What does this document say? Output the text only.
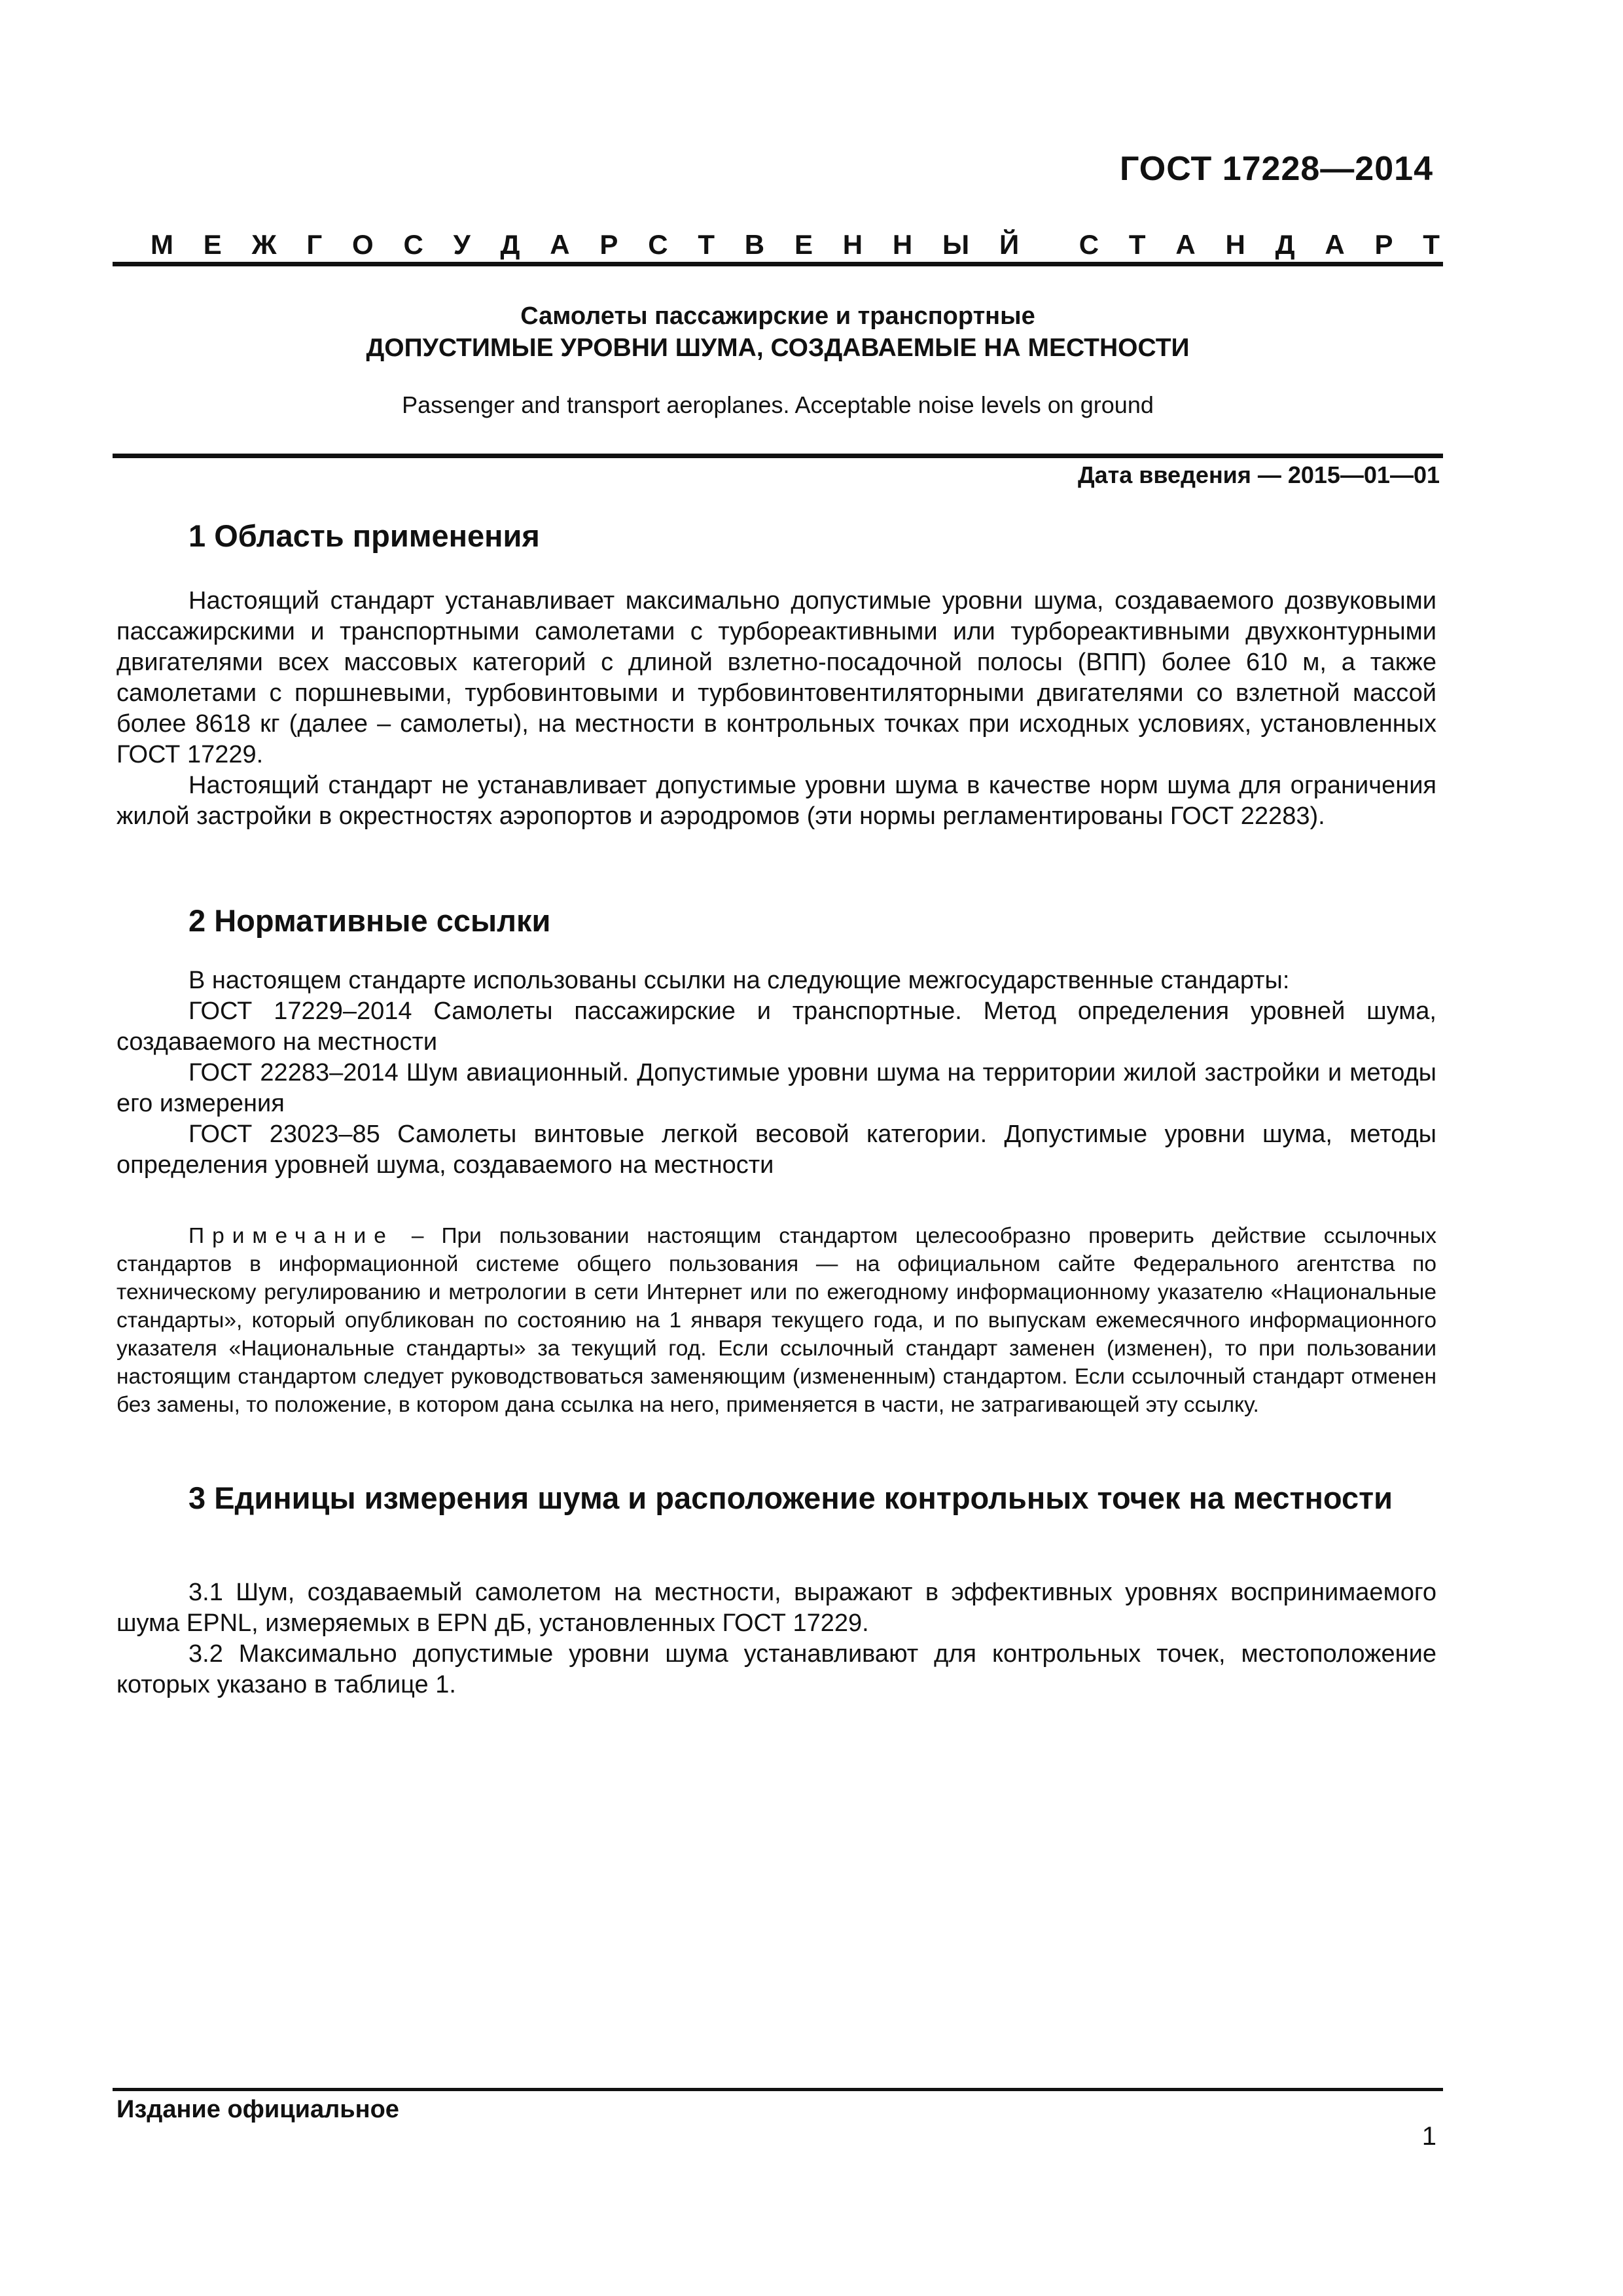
ГОСТ 17228—2014
М Е Ж Г О С У Д А Р С Т В Е Н Н Ы Й С Т А Н Д А Р Т
Самолеты пассажирские и транспортные
ДОПУСТИМЫЕ УРОВНИ ШУМА, СОЗДАВАЕМЫЕ НА МЕСТНОСТИ
Passenger and transport aeroplanes. Acceptable noise levels on ground
Дата введения — 2015—01—01
1 Область применения

Настоящий стандарт устанавливает максимально допустимые уровни шума, создаваемого дозвуковыми пассажирскими и транспортными самолетами с турбореактивными или турбореактивными двухконтурными двигателями всех массовых категорий с длиной взлетно-посадочной полосы (ВПП) более 610 м, а также самолетами с поршневыми, турбовинтовыми и турбовинтовентиляторными двигателями со взлетной массой более 8618 кг (далее – самолеты), на местности в контрольных точках при исходных условиях, установленных ГОСТ 17229.

Настоящий стандарт не устанавливает допустимые уровни шума в качестве норм шума для ограничения жилой застройки в окрестностях аэропортов и аэродромов (эти нормы регламентированы ГОСТ 22283).

2 Нормативные ссылки

В настоящем стандарте использованы ссылки на следующие межгосударственные стандарты:

ГОСТ 17229–2014 Самолеты пассажирские и транспортные. Метод определения уровней шума, создаваемого на местности

ГОСТ 22283–2014 Шум авиационный. Допустимые уровни шума на территории жилой застройки и методы его измерения

ГОСТ 23023–85 Самолеты винтовые легкой весовой категории. Допустимые уровни шума, методы определения уровней шума, создаваемого на местности

Примечание – При пользовании настоящим стандартом целесообразно проверить действие ссылочных стандартов в информационной системе общего пользования — на официальном сайте Федерального агентства по техническому регулированию и метрологии в сети Интернет или по ежегодному информационному указателю «Национальные стандарты», который опубликован по состоянию на 1 января текущего года, и по выпускам ежемесячного информационного указателя «Национальные стандарты» за текущий год. Если ссылочный стандарт заменен (изменен), то при пользовании настоящим стандартом следует руководствоваться заменяющим (измененным) стандартом. Если ссылочный стандарт отменен без замены, то положение, в котором дана ссылка на него, применяется в части, не затрагивающей эту ссылку.

3 Единицы измерения шума и расположение контрольных точек на местности

3.1 Шум, создаваемый самолетом на местности, выражают в эффективных уровнях воспринимаемого шума EPNL, измеряемых в EPN дБ, установленных ГОСТ 17229.

3.2 Максимально допустимые уровни шума устанавливают для контрольных точек, местоположение которых указано в таблице 1.

Издание официальное
1
